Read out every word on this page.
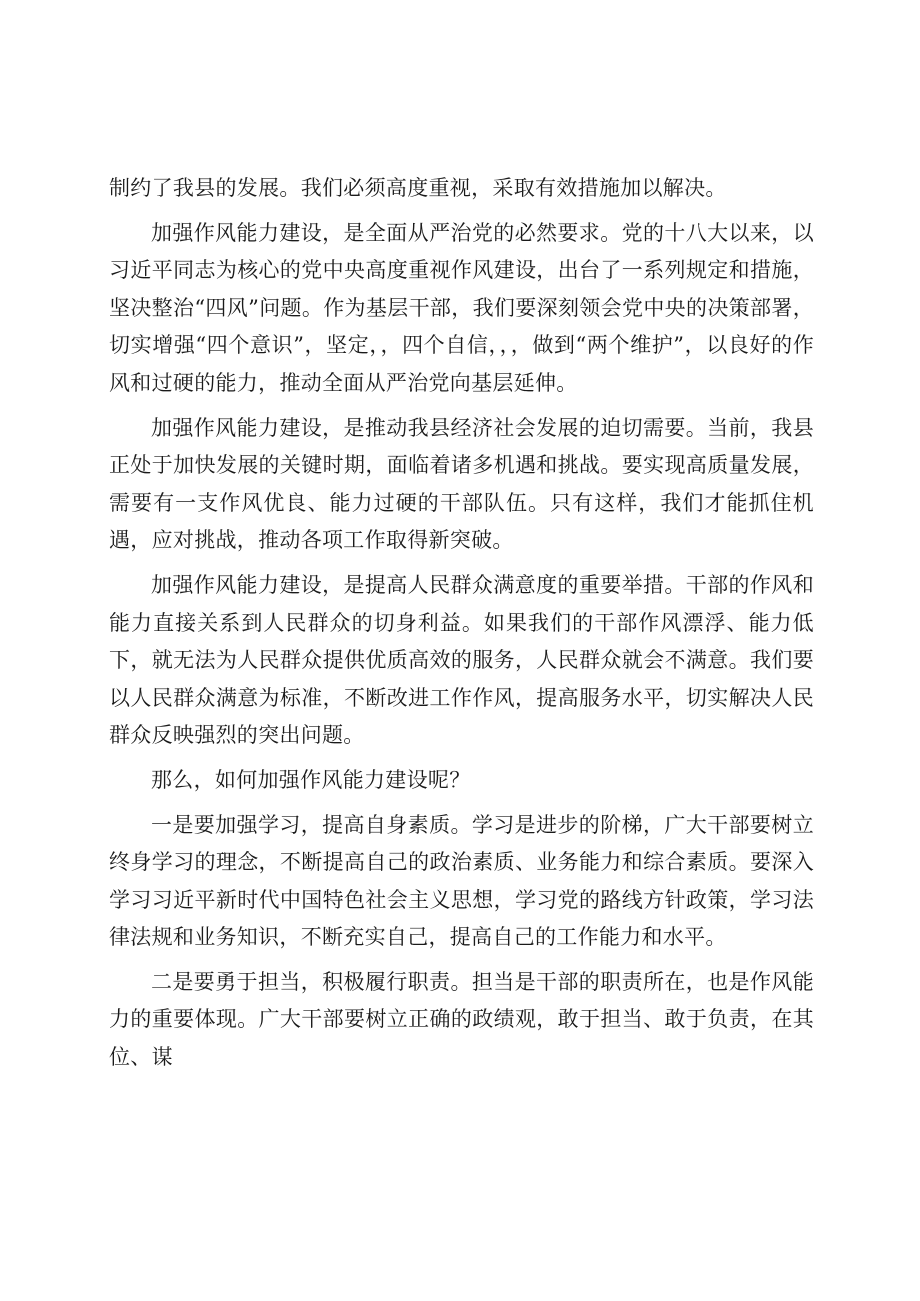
制约了我县的发展。我们必须高度重视，采取有效措施加以解决。

加强作风能力建设，是全面从严治党的必然要求。党的十八大以来，以习近平同志为核心的党中央高度重视作风建设，出台了一系列规定和措施，坚决整治“四风”问题。作为基层干部，我们要深刻领会党中央的决策部署，切实增强“四个意识”，坚定，，四个自信，，，做到“两个维护”，以良好的作风和过硬的能力，推动全面从严治党向基层延伸。

加强作风能力建设，是推动我县经济社会发展的迫切需要。当前，我县正处于加快发展的关键时期，面临着诸多机遇和挑战。要实现高质量发展，需要有一支作风优良、能力过硬的干部队伍。只有这样，我们才能抓住机遇，应对挑战，推动各项工作取得新突破。

加强作风能力建设，是提高人民群众满意度的重要举措。干部的作风和能力直接关系到人民群众的切身利益。如果我们的干部作风漂浮、能力低下，就无法为人民群众提供优质高效的服务，人民群众就会不满意。我们要以人民群众满意为标准，不断改进工作作风，提高服务水平，切实解决人民群众反映强烈的突出问题。

那么，如何加强作风能力建设呢？

一是要加强学习，提高自身素质。学习是进步的阶梯，广大干部要树立终身学习的理念，不断提高自己的政治素质、业务能力和综合素质。要深入学习习近平新时代中国特色社会主义思想，学习党的路线方针政策，学习法律法规和业务知识，不断充实自己，提高自己的工作能力和水平。

二是要勇于担当，积极履行职责。担当是干部的职责所在，也是作风能力的重要体现。广大干部要树立正确的政绩观，敢于担当、敢于负责，在其位、谋
